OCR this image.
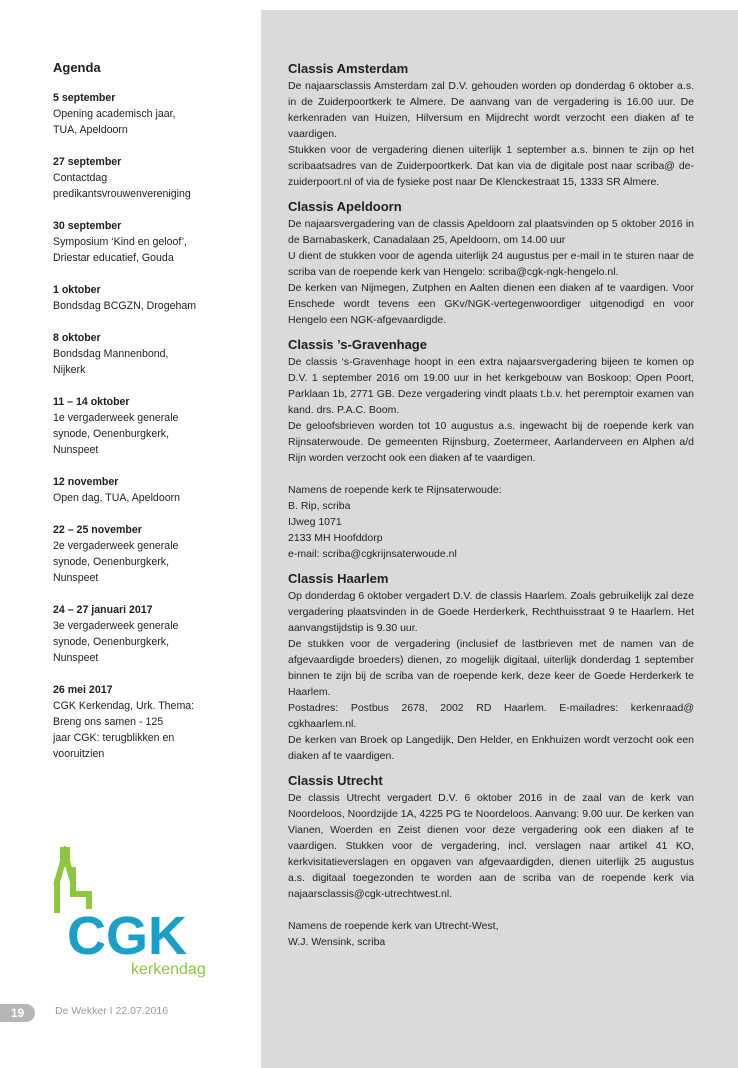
Agenda
5 september
Opening academisch jaar,
TUA, Apeldoorn
27 september
Contactdag
predikantsvrouwenvereniging
30 september
Symposium ‘Kind en geloof’,
Driestar educatief, Gouda
1 oktober
Bondsdag BCGZN, Drogeham
8 oktober
Bondsdag Mannenbond,
Nijkerk
11 – 14 oktober
1e vergaderweek generale
synode, Oenenburgkerk,
Nunspeet
12 november
Open dag, TUA, Apeldoorn
22 – 25 november
2e vergaderweek generale
synode, Oenenburgkerk,
Nunspeet
24 – 27 januari 2017
3e vergaderweek generale
synode, Oenenburgkerk,
Nunspeet
26 mei 2017
CGK Kerkendag, Urk. Thema:
Breng ons samen - 125
jaar CGK: terugblikken en
vooruitzien
Classis Amsterdam

De najaarsclassis Amsterdam zal D.V. gehouden worden op donderdag 6 oktober a.s. in de Zuiderpoortkerk te Almere. De aanvang van de vergadering is 16.00 uur. De kerkenraden van Huizen, Hilversum en Mijdrecht wordt verzocht een diaken af te vaardigen.

Stukken voor de vergadering dienen uiterlijk 1 september a.s. binnen te zijn op het scribaatsadres van de Zuiderpoortkerk. Dat kan via de digitale post naar scriba@ de-zuiderpoort.nl of via de fysieke post naar De Klenckestraat 15, 1333 SR Almere.

Classis Apeldoorn

De najaarsvergadering van de classis Apeldoorn zal plaatsvinden op 5 oktober 2016 in de Barnabaskerk, Canadalaan 25, Apeldoorn, om 14.00 uur

U dient de stukken voor de agenda uiterlijk 24 augustus per e-mail in te sturen naar de scriba van de roepende kerk van Hengelo: scriba@cgk-ngk-hengelo.nl.

De kerken van Nijmegen, Zutphen en Aalten dienen een diaken af te vaardigen. Voor Enschede wordt tevens een GKv/NGK-vertegenwoordiger uitgenodigd en voor Hengelo een NGK-afgevaardigde.

Classis ’s-Gravenhage

De classis ‘s-Gravenhage hoopt in een extra najaarsvergadering bijeen te komen op D.V. 1 september 2016 om 19.00 uur in het kerkgebouw van Boskoop; Open Poort, Parklaan 1b, 2771 GB. Deze vergadering vindt plaats t.b.v. het peremptoir examen van kand. drs. P.A.C. Boom.

De geloofsbrieven worden tot 10 augustus a.s. ingewacht bij de roepende kerk van Rijnsaterwoude. De gemeenten Rijnsburg, Zoetermeer, Aarlanderveen en Alphen a/d Rijn worden verzocht ook een diaken af te vaardigen.

Namens de roepende kerk te Rijnsaterwoude:

B. Rip, scriba

IJweg 1071

2133 MH Hoofddorp

e-mail: scriba@cgkrijnsaterwoude.nl

Classis Haarlem

Op donderdag 6 oktober vergadert D.V. de classis Haarlem. Zoals gebruikelijk zal deze vergadering plaatsvinden in de Goede Herderkerk, Rechthuisstraat 9 te Haarlem. Het aanvangstijdstip is 9.30 uur.

De stukken voor de vergadering (inclusief de lastbrieven met de namen van de afgevaardigde broeders) dienen, zo mogelijk digitaal, uiterlijk donderdag 1 september binnen te zijn bij de scriba van de roepende kerk, deze keer de Goede Herderkerk te Haarlem.

Postadres: Postbus 2678, 2002 RD Haarlem. E-mailadres: kerkenraad@ cgkhaarlem.nl.

De kerken van Broek op Langedijk, Den Helder, en Enkhuizen wordt verzocht ook een diaken af te vaardigen.

Classis Utrecht

De classis Utrecht vergadert D.V. 6 oktober 2016 in de zaal van de kerk van Noordeloos, Noordzijde 1A, 4225 PG te Noordeloos. Aanvang: 9.00 uur. De kerken van Vianen, Woerden en Zeist dienen voor deze vergadering ook een diaken af te vaardigen. Stukken voor de vergadering, incl. verslagen naar artikel 41 KO, kerkvisitatieverslagen en opgaven van afgevaardigden, dienen uiterlijk 25 augustus a.s. digitaal toegezonden te worden aan de scriba van de roepende kerk via najaarsclassis@cgk-utrechtwest.nl.

Namens de roepende kerk van Utrecht-West,

W.J. Wensink, scriba

CGK
kerkendag
19	De Wekker I 22.07.2016
